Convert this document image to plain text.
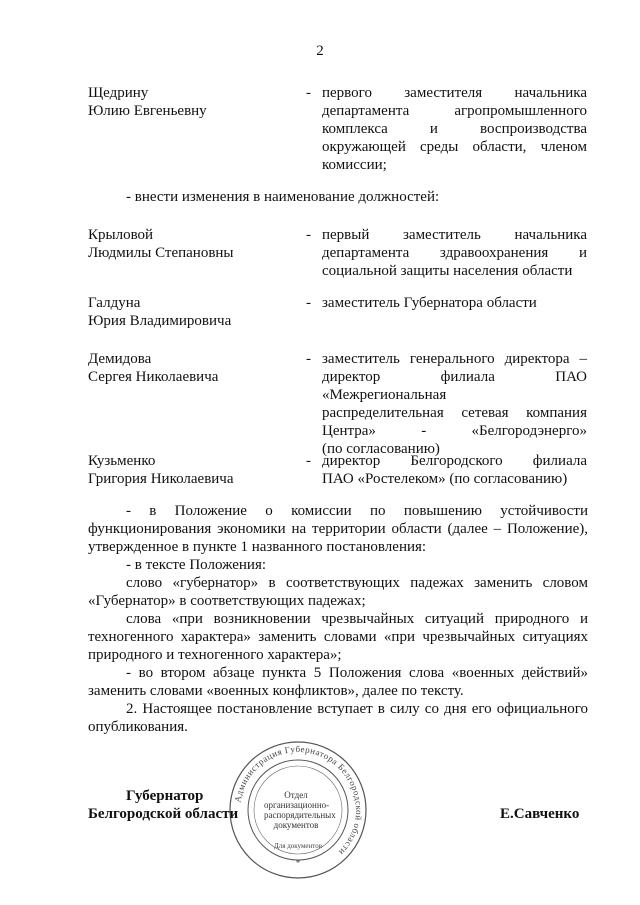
2
Щедрину
Юлию Евгеньевну
- первого заместителя начальника
департамента агропромышленного
комплекса и воспроизводства
окружающей среды области, членом
комиссии;
- внести изменения в наименование должностей:
Крыловой
Людмилы Степановны
- первый заместитель начальника
департамента здравоохранения и
социальной защиты населения области
Галдуна
Юрия Владимировича
- заместитель Губернатора области
Демидова
Сергея Николаевича
- заместитель генерального директора –
директор филиала ПАО «Межрегиональная
распределительная сетевая компания
Центра» - «Белгородэнерго»
(по согласованию)
Кузьменко
Григория Николаевича
- директор Белгородского филиала
ПАО «Ростелеком» (по согласованию)
- в Положение о комиссии по повышению устойчивости
функционирования экономики на территории области (далее – Положение),
утвержденное в пункте 1 названного постановления:
- в тексте Положения:
слово «губернатор» в соответствующих падежах заменить словом
«Губернатор» в соответствующих падежах;
слова «при возникновении чрезвычайных ситуаций природного и
техногенного характера» заменить словами «при чрезвычайных ситуациях
природного и техногенного характера»;
- во втором абзаце пункта 5 Положения слова «военных действий»
заменить словами «военных конфликтов», далее по тексту.
2. Настоящее постановление вступает в силу со дня его официального
опубликования.
Администрация Губернатора Белгородской области
Для документов
*
Отдел
организационно-
распорядительных
документов
Губернатор
Белгородской области	Е.Савченко
